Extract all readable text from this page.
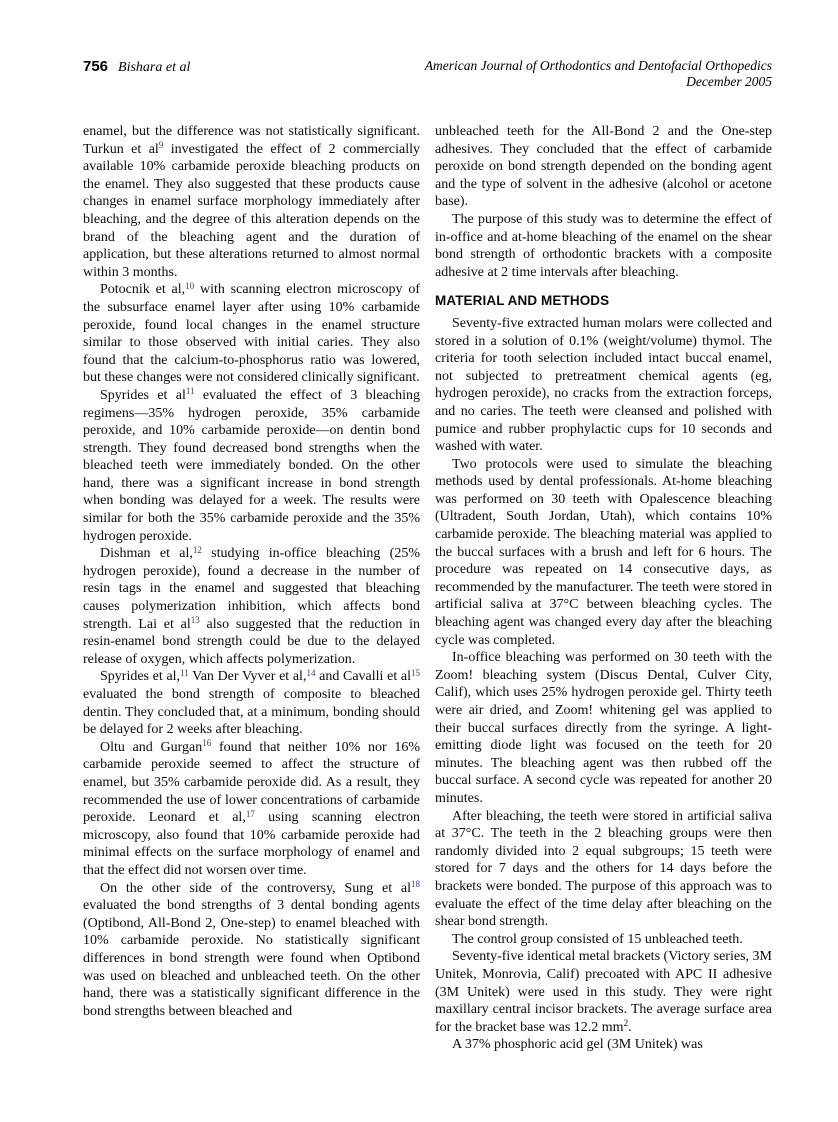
756 Bishara et al	American Journal of Orthodontics and Dentofacial Orthopedics
December 2005

enamel, but the difference was not statistically significant. Turkun et al$^9$ investigated the effect of 2 commercially available 10% carbamide peroxide bleaching products on the enamel. They also suggested that these products cause changes in enamel surface morphology immediately after bleaching, and the degree of this alteration depends on the brand of the bleaching agent and the duration of application, but these alterations returned to almost normal within 3 months.

Potocnik et al,$^{10}$ with scanning electron microscopy of the subsurface enamel layer after using 10% carbamide peroxide, found local changes in the enamel structure similar to those observed with initial caries. They also found that the calcium-to-phosphorus ratio was lowered, but these changes were not considered clinically significant.

Spyrides et al$^{11}$ evaluated the effect of 3 bleaching regimens—35% hydrogen peroxide, 35% carbamide peroxide, and 10% carbamide peroxide—on dentin bond strength. They found decreased bond strengths when the bleached teeth were immediately bonded. On the other hand, there was a significant increase in bond strength when bonding was delayed for a week. The results were similar for both the 35% carbamide peroxide and the 35% hydrogen peroxide.

Dishman et al,$^{12}$ studying in-office bleaching (25% hydrogen peroxide), found a decrease in the number of resin tags in the enamel and suggested that bleaching causes polymerization inhibition, which affects bond strength. Lai et al$^{13}$ also suggested that the reduction in resin-enamel bond strength could be due to the delayed release of oxygen, which affects polymerization.

Spyrides et al,$^{11}$ Van Der Vyver et al,$^{14}$ and Cavalli et al$^{15}$ evaluated the bond strength of composite to bleached dentin. They concluded that, at a minimum, bonding should be delayed for 2 weeks after bleaching.

Oltu and Gurgan$^{16}$ found that neither 10% nor 16% carbamide peroxide seemed to affect the structure of enamel, but 35% carbamide peroxide did. As a result, they recommended the use of lower concentrations of carbamide peroxide. Leonard et al,$^{17}$ using scanning electron microscopy, also found that 10% carbamide peroxide had minimal effects on the surface morphology of enamel and that the effect did not worsen over time.

On the other side of the controversy, Sung et al$^{18}$ evaluated the bond strengths of 3 dental bonding agents (Optibond, All-Bond 2, One-step) to enamel bleached with 10% carbamide peroxide. No statistically significant differences in bond strength were found when Optibond was used on bleached and unbleached teeth. On the other hand, there was a statistically significant difference in the bond strengths between bleached and

unbleached teeth for the All-Bond 2 and the One-step adhesives. They concluded that the effect of carbamide peroxide on bond strength depended on the bonding agent and the type of solvent in the adhesive (alcohol or acetone base).

The purpose of this study was to determine the effect of in-office and at-home bleaching of the enamel on the shear bond strength of orthodontic brackets with a composite adhesive at 2 time intervals after bleaching.

MATERIAL AND METHODS

Seventy-five extracted human molars were collected and stored in a solution of 0.1% (weight/volume) thymol. The criteria for tooth selection included intact buccal enamel, not subjected to pretreatment chemical agents (eg, hydrogen peroxide), no cracks from the extraction forceps, and no caries. The teeth were cleansed and polished with pumice and rubber prophylactic cups for 10 seconds and washed with water.

Two protocols were used to simulate the bleaching methods used by dental professionals. At-home bleaching was performed on 30 teeth with Opalescence bleaching (Ultradent, South Jordan, Utah), which contains 10% carbamide peroxide. The bleaching material was applied to the buccal surfaces with a brush and left for 6 hours. The procedure was repeated on 14 consecutive days, as recommended by the manufacturer. The teeth were stored in artificial saliva at 37°C between bleaching cycles. The bleaching agent was changed every day after the bleaching cycle was completed.

In-office bleaching was performed on 30 teeth with the Zoom! bleaching system (Discus Dental, Culver City, Calif), which uses 25% hydrogen peroxide gel. Thirty teeth were air dried, and Zoom! whitening gel was applied to their buccal surfaces directly from the syringe. A light-emitting diode light was focused on the teeth for 20 minutes. The bleaching agent was then rubbed off the buccal surface. A second cycle was repeated for another 20 minutes.

After bleaching, the teeth were stored in artificial saliva at 37°C. The teeth in the 2 bleaching groups were then randomly divided into 2 equal subgroups; 15 teeth were stored for 7 days and the others for 14 days before the brackets were bonded. The purpose of this approach was to evaluate the effect of the time delay after bleaching on the shear bond strength.

The control group consisted of 15 unbleached teeth.

Seventy-five identical metal brackets (Victory series, 3M Unitek, Monrovia, Calif) precoated with APC II adhesive (3M Unitek) were used in this study. They were right maxillary central incisor brackets. The average surface area for the bracket base was 12.2 $mm^2$.

A 37% phosphoric acid gel (3M Unitek) was
